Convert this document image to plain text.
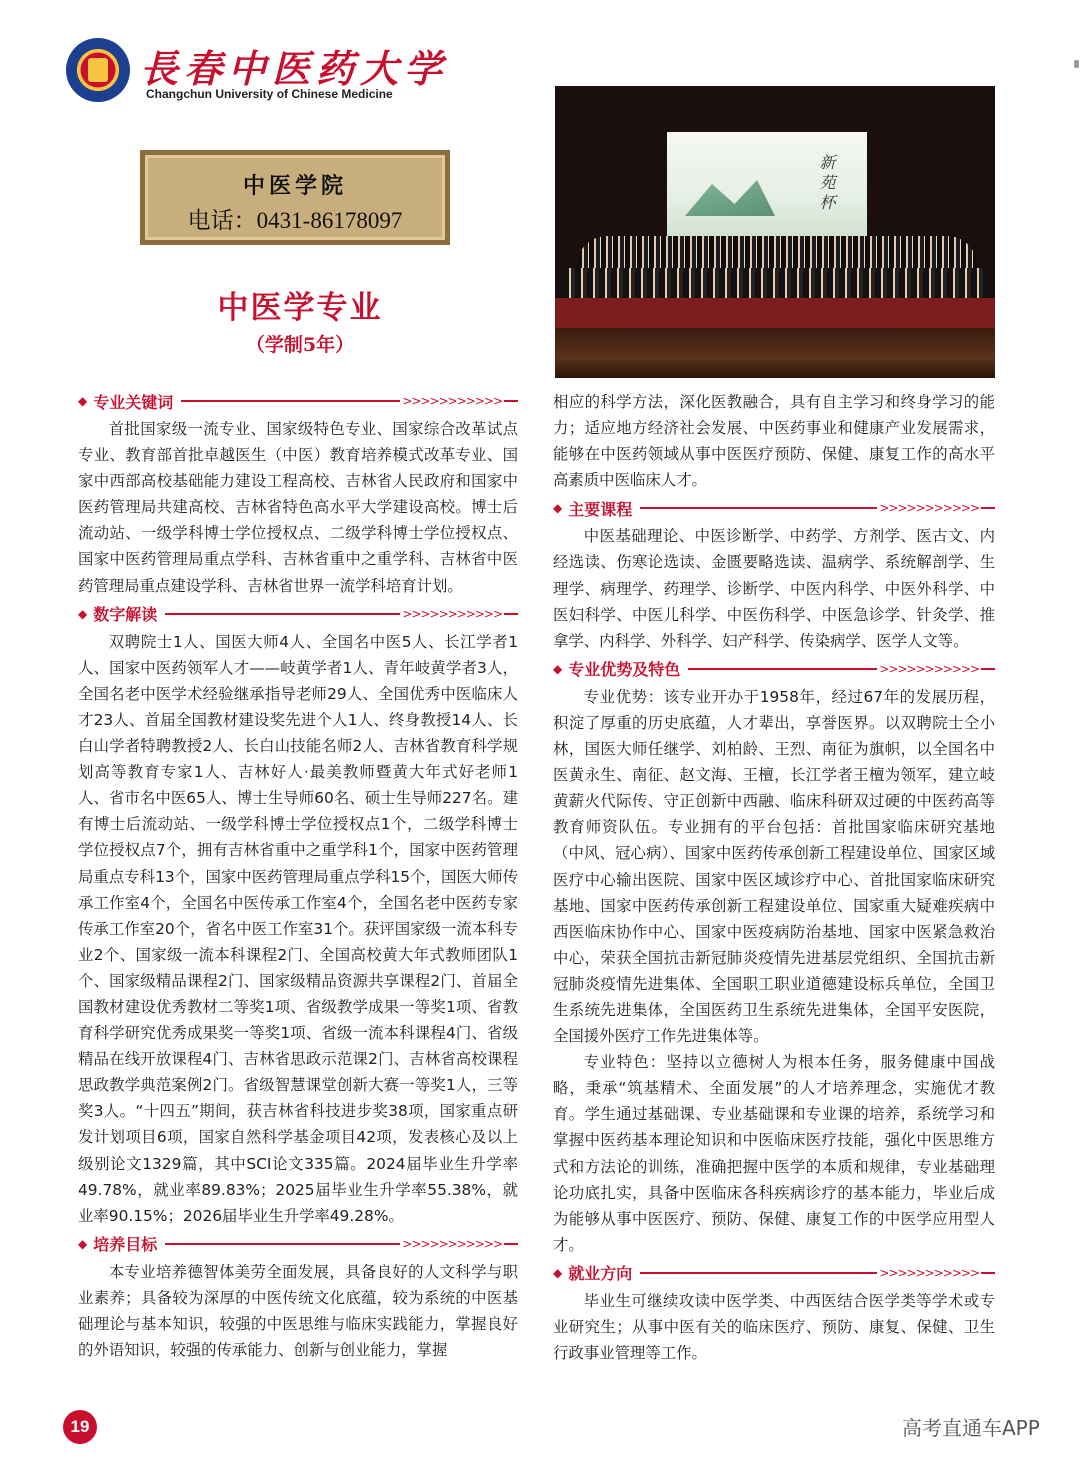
長春中医药大学
Changchun University of Chinese Medicine
中医学院
电话：0431-86178097
中医学专业
（学制5年）
新苑杯
◆ 专业关键词	>>>>>>>>>>>
首批国家级一流专业、国家级特色专业、国家综合改革试点专业、教育部首批卓越医生（中医）教育培养模式改革专业、国家中西部高校基础能力建设工程高校、吉林省人民政府和国家中医药管理局共建高校、吉林省特色高水平大学建设高校。博士后流动站、一级学科博士学位授权点、二级学科博士学位授权点、国家中医药管理局重点学科、吉林省重中之重学科、吉林省中医药管理局重点建设学科、吉林省世界一流学科培育计划。
◆ 数字解读	>>>>>>>>>>>
双聘院士1人、国医大师4人、全国名中医5人、长江学者1人、国家中医药领军人才——岐黄学者1人、青年岐黄学者3人，全国名老中医学术经验继承指导老师29人、全国优秀中医临床人才23人、首届全国教材建设奖先进个人1人、终身教授14人、长白山学者特聘教授2人、长白山技能名师2人、吉林省教育科学规划高等教育专家1人、吉林好人·最美教师暨黄大年式好老师1人、省市名中医65人、博士生导师60名、硕士生导师227名。建有博士后流动站、一级学科博士学位授权点1个，二级学科博士学位授权点7个，拥有吉林省重中之重学科1个，国家中医药管理局重点专科13个，国家中医药管理局重点学科15个，国医大师传承工作室4个，全国名中医传承工作室4个，全国名老中医药专家传承工作室20个，省名中医工作室31个。获评国家级一流本科专业2个、国家级一流本科课程2门、全国高校黄大年式教师团队1个、国家级精品课程2门、国家级精品资源共享课程2门、首届全国教材建设优秀教材二等奖1项、省级教学成果一等奖1项、省教育科学研究优秀成果奖一等奖1项、省级一流本科课程4门、省级精品在线开放课程4门、吉林省思政示范课2门、吉林省高校课程思政教学典范案例2门。省级智慧课堂创新大赛一等奖1人，三等奖3人。“十四五”期间，获吉林省科技进步奖38项，国家重点研发计划项目6项，国家自然科学基金项目42项，发表核心及以上级别论文1329篇，其中SCI论文335篇。2024届毕业生升学率49.78%，就业率89.83%；2025届毕业生升学率55.38%，就业率90.15%；2026届毕业生升学率49.28%。
◆ 培养目标	>>>>>>>>>>>
本专业培养德智体美劳全面发展，具备良好的人文科学与职业素养；具备较为深厚的中医传统文化底蕴，较为系统的中医基础理论与基本知识，较强的中医思维与临床实践能力，掌握良好的外语知识，较强的传承能力、创新与创业能力，掌握
相应的科学方法，深化医教融合，具有自主学习和终身学习的能力；适应地方经济社会发展、中医药事业和健康产业发展需求，能够在中医药领域从事中医医疗预防、保健、康复工作的高水平高素质中医临床人才。
◆ 主要课程	>>>>>>>>>>>
中医基础理论、中医诊断学、中药学、方剂学、医古文、内经选读、伤寒论选读、金匮要略选读、温病学、系统解剖学、生理学、病理学、药理学、诊断学、中医内科学、中医外科学、中医妇科学、中医儿科学、中医伤科学、中医急诊学、针灸学、推拿学、内科学、外科学、妇产科学、传染病学、医学人文等。
◆ 专业优势及特色	>>>>>>>>>>>
专业优势：该专业开办于1958年，经过67年的发展历程，积淀了厚重的历史底蕴，人才辈出，享誉医界。以双聘院士仝小林，国医大师任继学、刘柏龄、王烈、南征为旗帜，以全国名中医黄永生、南征、赵文海、王檀，长江学者王檀为领军，建立岐黄薪火代际传、守正创新中西融、临床科研双过硬的中医药高等教育师资队伍。专业拥有的平台包括：首批国家临床研究基地（中风、冠心病）、国家中医药传承创新工程建设单位、国家区域医疗中心输出医院、国家中医区域诊疗中心、首批国家临床研究基地、国家中医药传承创新工程建设单位、国家重大疑难疾病中西医临床协作中心、国家中医疫病防治基地、国家中医紧急救治中心，荣获全国抗击新冠肺炎疫情先进基层党组织、全国抗击新冠肺炎疫情先进集体、全国职工职业道德建设标兵单位，全国卫生系统先进集体，全国医药卫生系统先进集体，全国平安医院，全国援外医疗工作先进集体等。
专业特色：坚持以立德树人为根本任务，服务健康中国战略，秉承“筑基精术、全面发展”的人才培养理念，实施优才教育。学生通过基础课、专业基础课和专业课的培养，系统学习和掌握中医药基本理论知识和中医临床医疗技能，强化中医思维方式和方法论的训练，准确把握中医学的本质和规律，专业基础理论功底扎实，具备中医临床各科疾病诊疗的基本能力，毕业后成为能够从事中医医疗、预防、保健、康复工作的中医学应用型人才。
◆ 就业方向	>>>>>>>>>>>
毕业生可继续攻读中医学类、中西医结合医学类等学术或专业研究生；从事中医有关的临床医疗、预防、康复、保健、卫生行政事业管理等工作。
19	高考直通车APP
